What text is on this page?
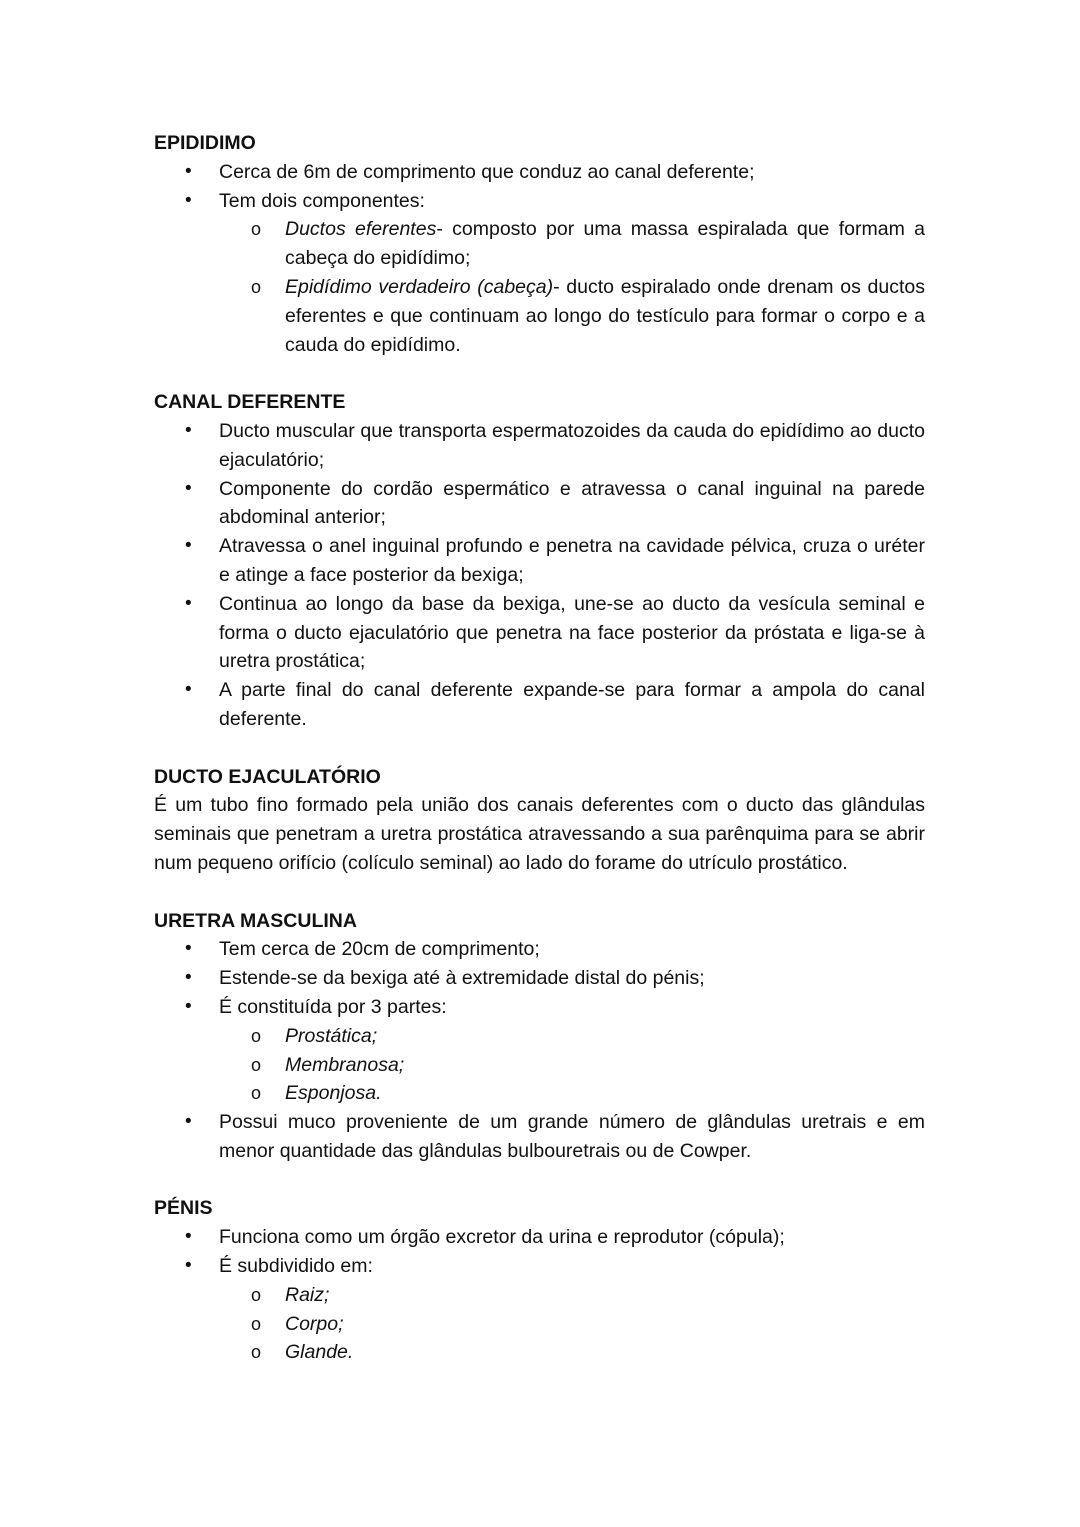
EPIDIDIMO

• Cerca de 6m de comprimento que conduz ao canal deferente;
• Tem dois componentes:
o Ductos eferentes- composto por uma massa espiralada que formam a cabeça do epidídimo;
o Epidídimo verdadeiro (cabeça)- ducto espiralado onde drenam os ductos eferentes e que continuam ao longo do testículo para formar o corpo e a cauda do epidídimo.

CANAL DEFERENTE

• Ducto muscular que transporta espermatozoides da cauda do epidídimo ao ducto ejaculatório;
• Componente do cordão espermático e atravessa o canal inguinal na parede abdominal anterior;
• Atravessa o anel inguinal profundo e penetra na cavidade pélvica, cruza o uréter e atinge a face posterior da bexiga;
• Continua ao longo da base da bexiga, une-se ao ducto da vesícula seminal e forma o ducto ejaculatório que penetra na face posterior da próstata e liga-se à uretra prostática;
• A parte final do canal deferente expande-se para formar a ampola do canal deferente.

DUCTO EJACULATÓRIO

É um tubo fino formado pela união dos canais deferentes com o ducto das glândulas seminais que penetram a uretra prostática atravessando a sua parênquima para se abrir num pequeno orifício (colículo seminal) ao lado do forame do utrículo prostático.

URETRA MASCULINA

• Tem cerca de 20cm de comprimento;
• Estende-se da bexiga até à extremidade distal do pénis;
• É constituída por 3 partes:
o Prostática;
o Membranosa;
o Esponjosa.
• Possui muco proveniente de um grande número de glândulas uretrais e em menor quantidade das glândulas bulbouretrais ou de Cowper.

PÉNIS

• Funciona como um órgão excretor da urina e reprodutor (cópula);
• É subdividido em:
o Raiz;
o Corpo;
o Glande.
